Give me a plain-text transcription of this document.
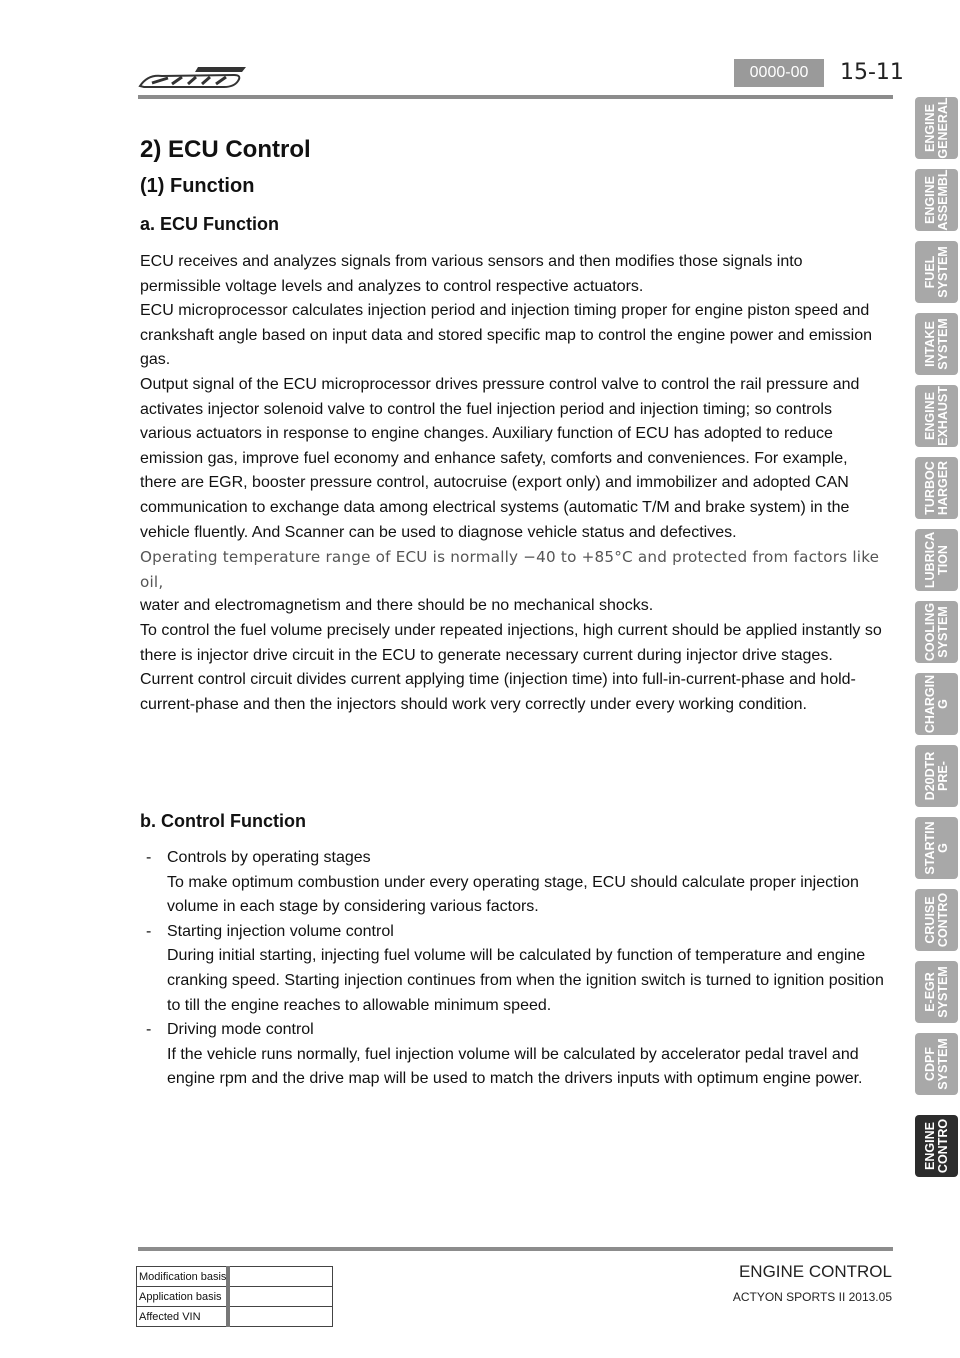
0000-00	15-11
2) ECU Control
(1) Function
a. ECU Function

ECU receives and analyzes signals from various sensors and then modifies those signals into permissible voltage levels and analyzes to control respective actuators.

ECU microprocessor calculates injection period and injection timing proper for engine piston speed and crankshaft angle based on input data and stored specific map to control the engine power and emission gas.

Output signal of the ECU microprocessor drives pressure control valve to control the rail pressure and activates injector solenoid valve to control the fuel injection period and injection timing; so controls various actuators in response to engine changes. Auxiliary function of ECU has adopted to reduce emission gas, improve fuel economy and enhance safety, comforts and conveniences. For example, there are EGR, booster pressure control, autocruise (export only) and immobilizer and adopted CAN communication to exchange data among electrical systems (automatic T/M and brake system) in the vehicle fluently. And Scanner can be used to diagnose vehicle status and defectives.

Operating temperature range of ECU is normally −40 to +85°C and protected from factors like oil,

water and electromagnetism and there should be no mechanical shocks.

To control the fuel volume precisely under repeated injections, high current should be applied instantly so there is injector drive circuit in the ECU to generate necessary current during injector drive stages. Current control circuit divides current applying time (injection time) into full-in-current-phase and hold-current-phase and then the injectors should work very correctly under every working condition.

b. Control Function
- Controls by operating stages
To make optimum combustion under every operating stage, ECU should calculate proper injection volume in each stage by considering various factors.
- Starting injection volume control
During initial starting, injecting fuel volume will be calculated by function of temperature and engine cranking speed. Starting injection continues from when the ignition switch is turned to ignition position to till the engine reaches to allowable minimum speed.
- Driving mode control
If the vehicle runs normally, fuel injection volume will be calculated by accelerator pedal travel and engine rpm and the drive map will be used to match the drivers inputs with optimum engine power.
ENGINE
GENERAL
ENGINE
ASSEMBL
FUEL
SYSTEM
INTAKE
SYSTEM
ENGINE
EXHAUST
TURBOC
HARGER
LUBRICA
TION
COOLING
SYSTEM
CHARGIN
G
D20DTR
PRE-
STARTIN
G
CRUISE
CONTRO
E-EGR
SYSTEM
CDPF
SYSTEM
ENGINE
CONTRO
Modification basis	
Application basis	
Affected VIN	
ENGINE CONTROL
ACTYON SPORTS II 2013.05
